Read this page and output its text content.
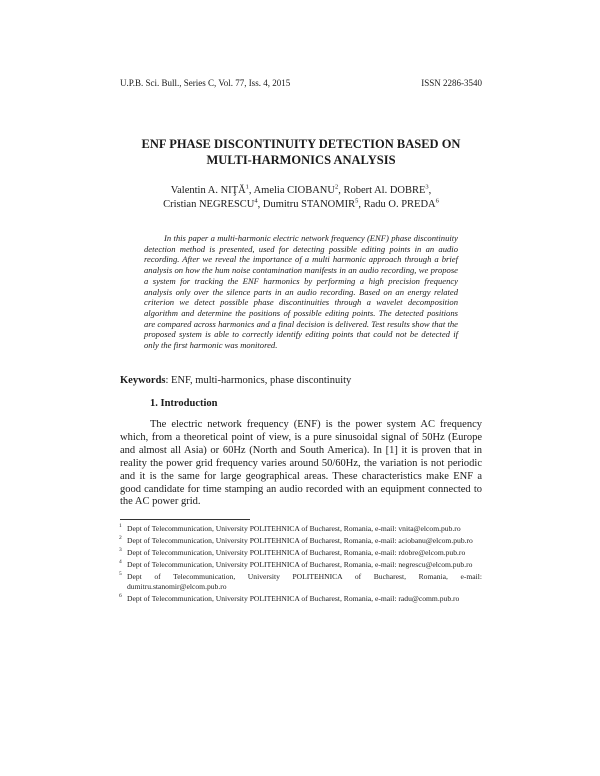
U.P.B. Sci. Bull., Series C, Vol. 77, Iss. 4, 2015	ISSN 2286-3540
ENF PHASE DISCONTINUITY DETECTION BASED ON
MULTI-HARMONICS ANALYSIS
Valentin A. NIŢĂ$^1$, Amelia CIOBANU$^2$, Robert Al. DOBRE$^3$,
Cristian NEGRESCU$^4$, Dumitru STANOMIR$^5$, Radu O. PREDA$^6$

In this paper a multi-harmonic electric network frequency (ENF) phase discontinuity detection method is presented, used for detecting possible editing points in an audio recording. After we reveal the importance of a multi harmonic approach through a brief analysis on how the hum noise contamination manifests in an audio recording, we propose a system for tracking the ENF harmonics by performing a high precision frequency analysis only over the silence parts in an audio recording. Based on an energy related criterion we detect possible phase discontinuities through a wavelet decomposition algorithm and determine the positions of possible editing points. The detected positions are compared across harmonics and a final decision is delivered. Test results show that the proposed system is able to correctly identify editing points that could not be detected if only the first harmonic was monitored.

Keywords: ENF, multi-harmonics, phase discontinuity
1. Introduction

The electric network frequency (ENF) is the power system AC frequency which, from a theoretical point of view, is a pure sinusoidal signal of 50Hz (Europe and almost all Asia) or 60Hz (North and South America). In [1] it is proven that in reality the power grid frequency varies around 50/60Hz, the variation is not periodic and it is the same for large geographical areas. These characteristics make ENF a good candidate for time stamping an audio recorded with an equipment connected to the AC power grid.

1 Dept of Telecommunication, University POLITEHNICA of Bucharest, Romania, e-mail: vnita@elcom.pub.ro
2 Dept of Telecommunication, University POLITEHNICA of Bucharest, Romania, e-mail: aciobanu@elcom.pub.ro
3 Dept of Telecommunication, University POLITEHNICA of Bucharest, Romania, e-mail: rdobre@elcom.pub.ro
4 Dept of Telecommunication, University POLITEHNICA of Bucharest, Romania, e-mail: negrescu@elcom.pub.ro
5 Dept of Telecommunication, University POLITEHNICA of Bucharest, Romania, e-mail: dumitru.stanomir@elcom.pub.ro
6 Dept of Telecommunication, University POLITEHNICA of Bucharest, Romania, e-mail: radu@comm.pub.ro
